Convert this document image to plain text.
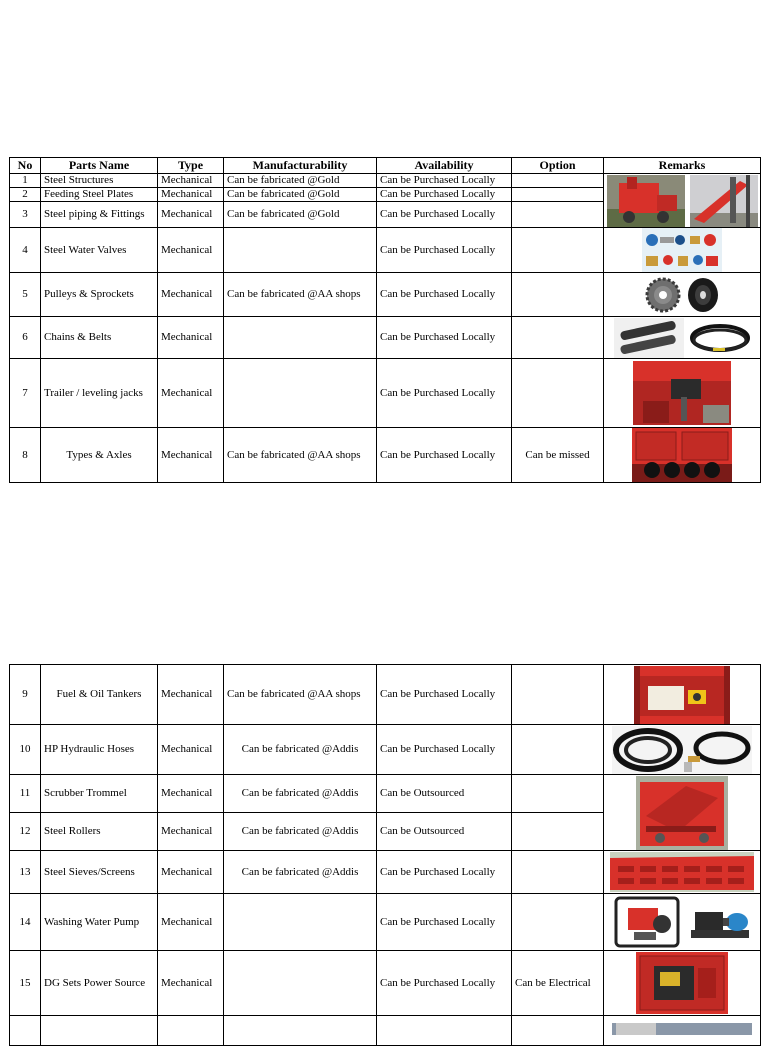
No	Parts Name	Type	Manufacturability	Availability	Option	Remarks
1	Steel Structures	Mechanical	Can be fabricated @Gold	Can be Purchased Locally		

2	Feeding Steel Plates	Mechanical	Can be fabricated @Gold	Can be Purchased Locally		
3	Steel piping & Fittings	Mechanical	Can be fabricated @Gold	Can be Purchased Locally		
4	Steel Water Valves	Mechanical		Can be Purchased Locally		

5	Pulleys & Sprockets	Mechanical	Can be fabricated @AA shops	Can be Purchased Locally		

6	Chains & Belts	Mechanical		Can be Purchased Locally		

7	Trailer / leveling jacks	Mechanical		Can be Purchased Locally		

8	Types & Axles	Mechanical	Can be fabricated @AA shops	Can be Purchased Locally	Can be missed	
9	Fuel & Oil Tankers	Mechanical	Can be fabricated @AA shops	Can be Purchased Locally		

10	HP Hydraulic Hoses	Mechanical	Can be fabricated @Addis	Can be Purchased Locally		

11	Scrubber Trommel	Mechanical	Can be fabricated @Addis	Can be Outsourced		

12	Steel Rollers	Mechanical	Can be fabricated @Addis	Can be Outsourced		
13	Steel Sieves/Screens	Mechanical	Can be fabricated @Addis	Can be Purchased Locally		

14	Washing Water Pump	Mechanical		Can be Purchased Locally		

15	DG Sets Power Source	Mechanical		Can be Purchased Locally	Can be Electrical	
